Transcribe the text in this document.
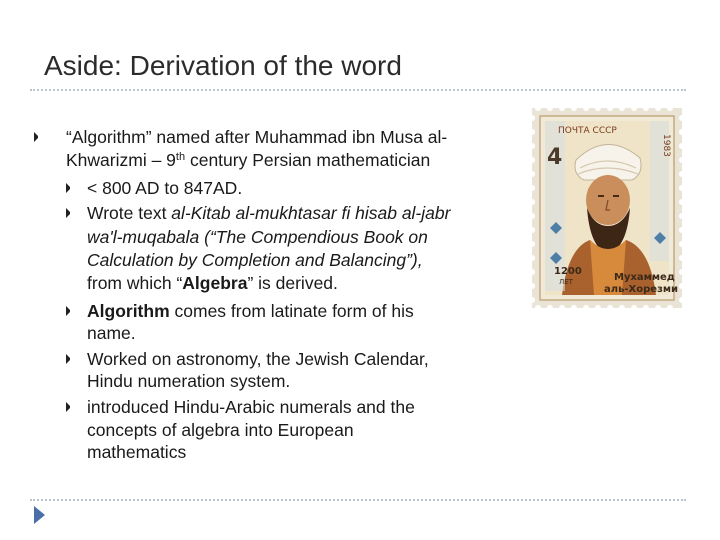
Aside: Derivation of the word
“Algorithm” named after Muhammad ibn Musa al-
Khwarizmi – 9th century Persian mathematician
< 800 AD to 847AD.
Wrote text al-Kitab al-mukhtasar fi hisab al-jabr
wa'l-muqabala (“The Compendious Book on
Calculation by Completion and Balancing”),
from which “Algebra” is derived.
Algorithm comes from latinate form of his
name.
Worked on astronomy, the Jewish Calendar,
Hindu numeration system.
introduced Hindu-Arabic numerals and the
concepts of algebra into European
mathematics
ПОЧТА СССР
4	1983
1200
ЛЕТ	Мухаммед
аль-Хорезми
